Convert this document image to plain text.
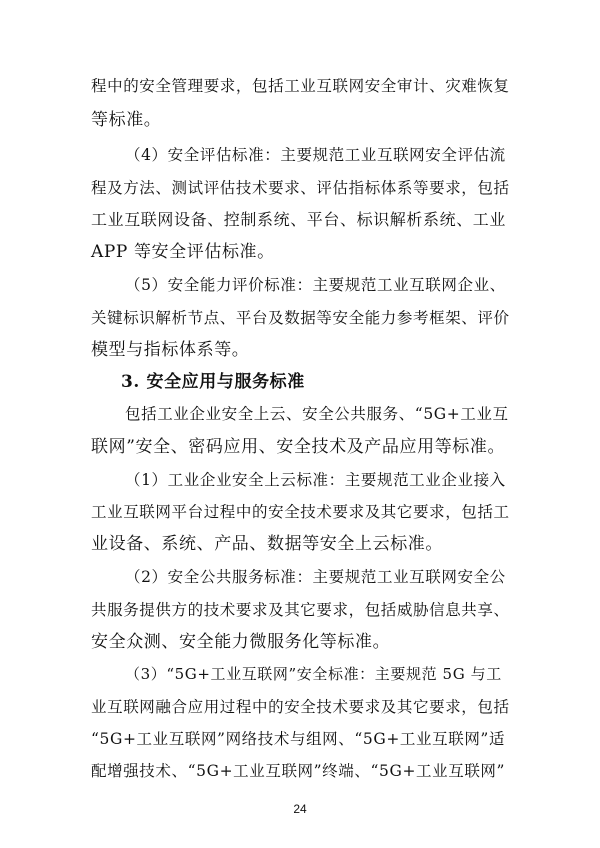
程中的安全管理要求，包括工业互联网安全审计、灾难恢复
等标准。
（4）安全评估标准：主要规范工业互联网安全评估流
程及方法、测试评估技术要求、评估指标体系等要求，包括
工业互联网设备、控制系统、平台、标识解析系统、工业
APP 等安全评估标准。
（5）安全能力评价标准：主要规范工业互联网企业、
关键标识解析节点、平台及数据等安全能力参考框架、评价
模型与指标体系等。
3. 安全应用与服务标准
包括工业企业安全上云、安全公共服务、“5G+工业互
联网”安全、密码应用、安全技术及产品应用等标准。
（1）工业企业安全上云标准：主要规范工业企业接入
工业互联网平台过程中的安全技术要求及其它要求，包括工
业设备、系统、产品、数据等安全上云标准。
（2）安全公共服务标准：主要规范工业互联网安全公
共服务提供方的技术要求及其它要求，包括威胁信息共享、
安全众测、安全能力微服务化等标准。
（3）“5G+工业互联网”安全标准：主要规范 5G 与工
业互联网融合应用过程中的安全技术要求及其它要求，包括
“5G+工业互联网”网络技术与组网、“5G+工业互联网”适
配增强技术、“5G+工业互联网”终端、“5G+工业互联网”
24
